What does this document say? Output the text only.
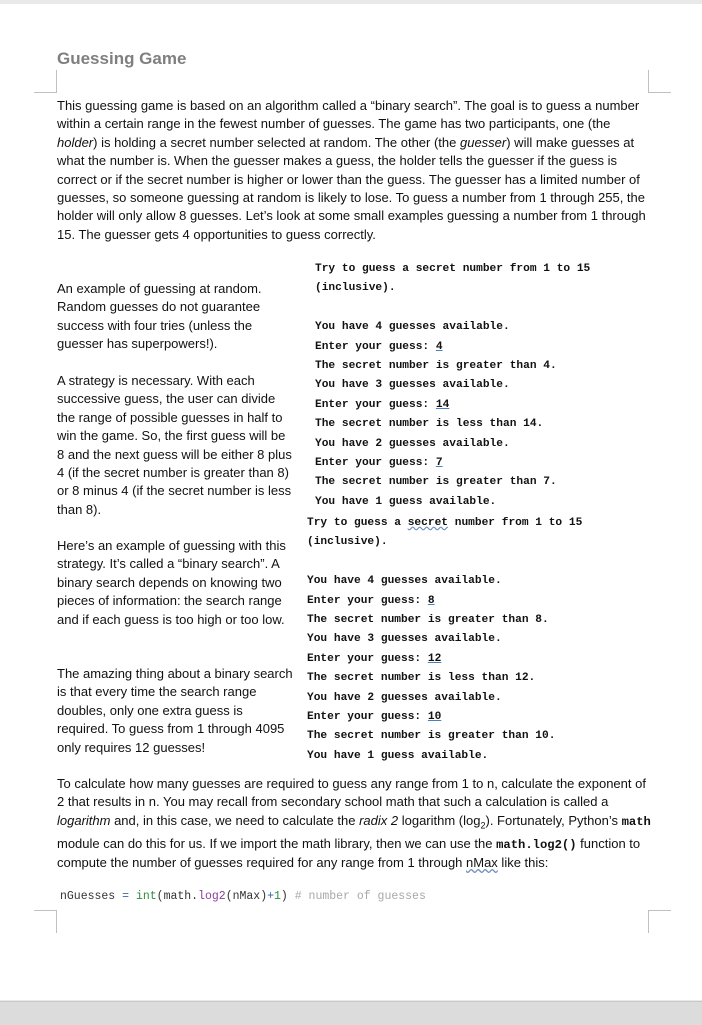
Guessing Game

This guessing game is based on an algorithm called a “binary search”. The goal is to guess a number within a certain range in the fewest number of guesses. The game has two participants, one (the holder) is holding a secret number selected at random. The other (the guesser) will make guesses at what the number is. When the guesser makes a guess, the holder tells the guesser if the guess is correct or if the secret number is higher or lower than the guess. The guesser has a limited number of guesses, so someone guessing at random is likely to lose. To guess a number from 1 through 255, the holder will only allow 8 guesses. Let’s look at some small examples guessing a number from 1 through 15. The guesser gets 4 opportunities to guess correctly.

An example of guessing at random. Random guesses do not guarantee success with four tries (unless the guesser has superpowers!).

A strategy is necessary. With each successive guess, the user can divide the range of possible guesses in half to win the game. So, the first guess will be 8 and the next guess will be either 8 plus 4 (if the secret number is greater than 8) or 8 minus 4 (if the secret number is less than 8).

Here’s an example of guessing with this strategy. It’s called a “binary search”. A binary search depends on knowing two pieces of information: the search range and if each guess is too high or too low.

The amazing thing about a binary search is that every time the search range doubles, only one extra guess is required. To guess from 1 through 4095 only requires 12 guesses!

Try to guess a secret number from 1 to 15
(inclusive).
You have 4 guesses available.
Enter your guess: 4
The secret number is greater than 4.
You have 3 guesses available.
Enter your guess: 14
The secret number is less than 14.
You have 2 guesses available.
Enter your guess: 7
The secret number is greater than 7.
You have 1 guess available.
Try to guess a secret number from 1 to 15
(inclusive).
You have 4 guesses available.
Enter your guess: 8
The secret number is greater than 8.
You have 3 guesses available.
Enter your guess: 12
The secret number is less than 12.
You have 2 guesses available.
Enter your guess: 10
The secret number is greater than 10.
You have 1 guess available.

To calculate how many guesses are required to guess any range from 1 to n, calculate the exponent of 2 that results in n. You may recall from secondary school math that such a calculation is called a logarithm and, in this case, we need to calculate the radix 2 logarithm $(\log_2)$. Fortunately, Python’s math module can do this for us. If we import the math library, then we can use the math.log2() function to compute the number of guesses required for any range from 1 through nMax like this:

nGuesses = int(math.log2(nMax)+1) # number of guesses
